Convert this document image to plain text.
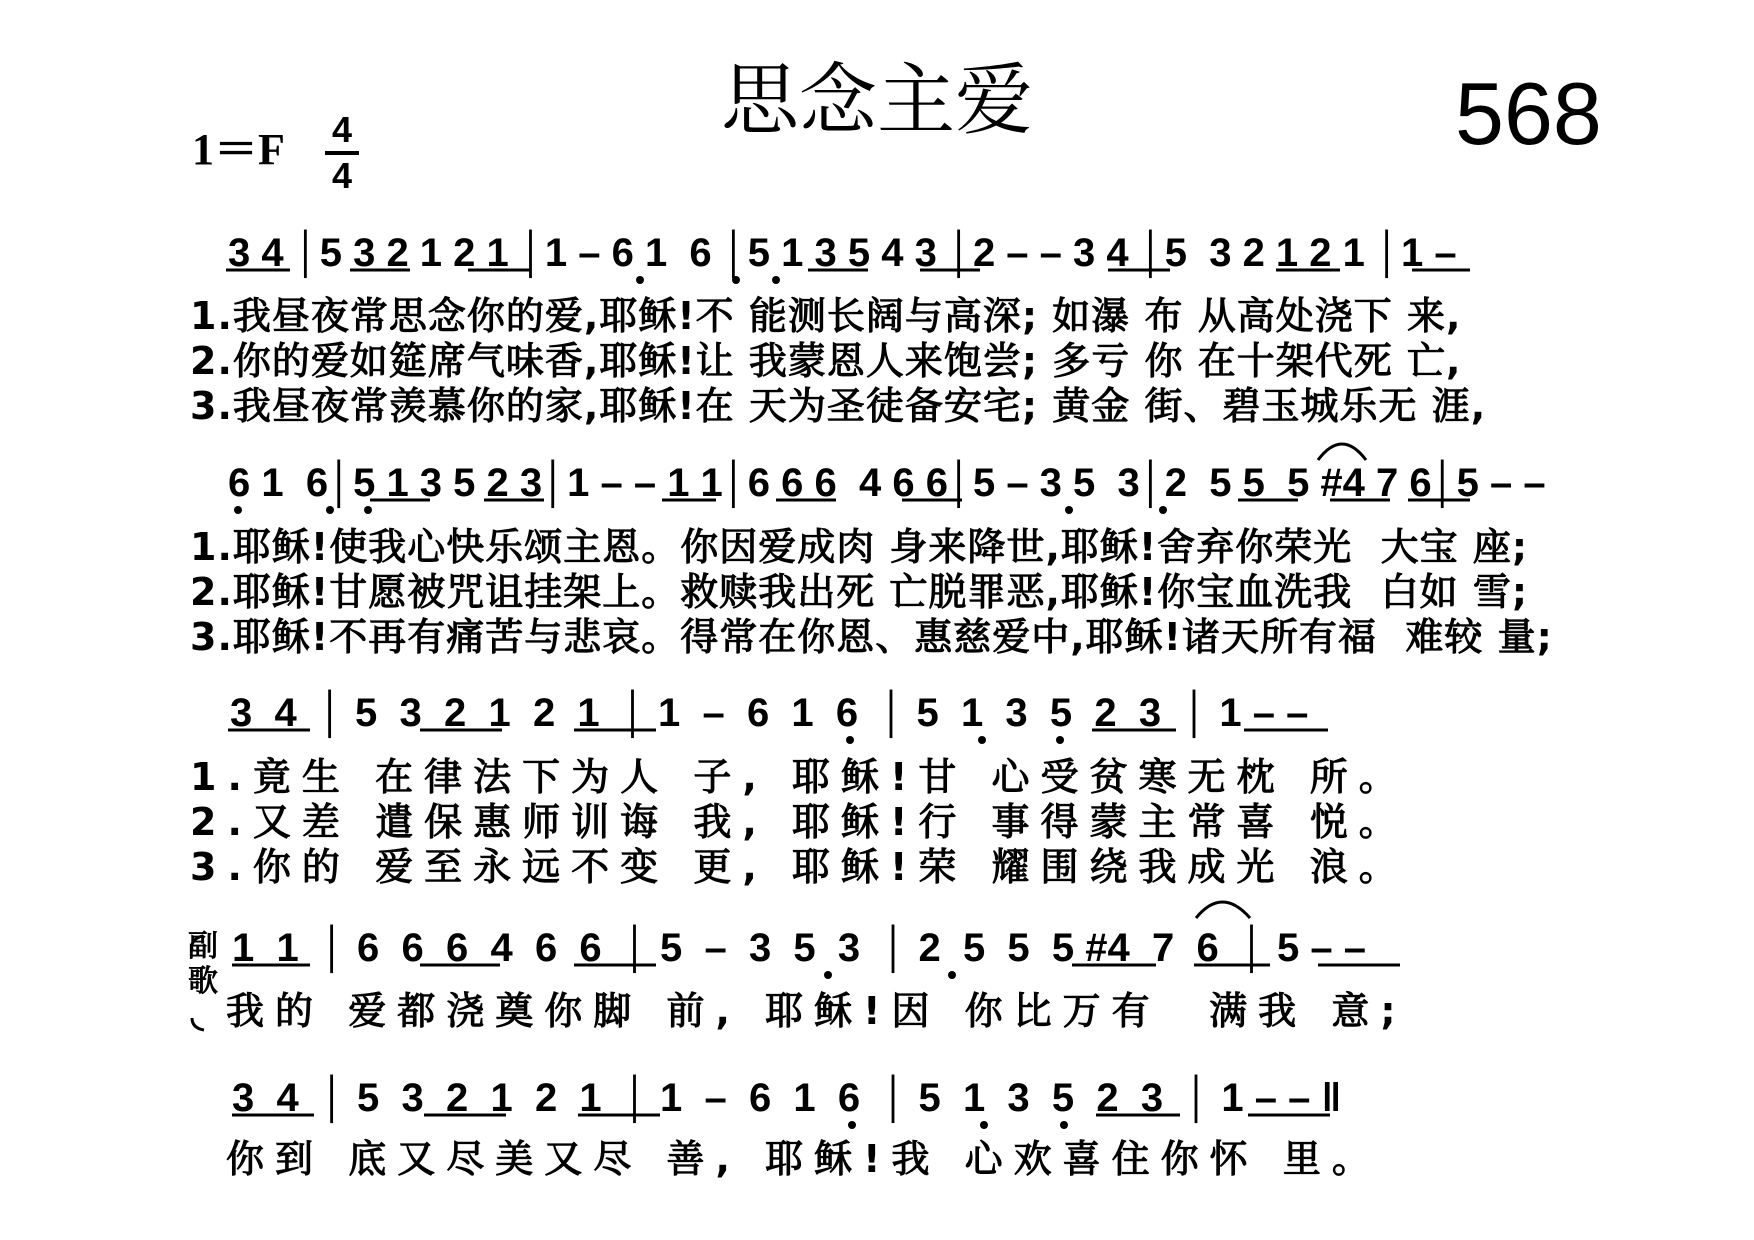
思念主爱	568
1＝F 4
4
3 4 │5 3 2 1 2 1 │1 – 6 1  6 │5 1 3 5 4 3 │2 – – 3 4 │5  3 2 1 2 1 │1 –
1.我昼夜常思念你的爱,耶稣!不 能测长阔与高深; 如瀑 布 从高处浇下 来,
2.你的爱如筵席气味香,耶稣!让 我蒙恩人来饱尝; 多亏 你 在十架代死 亡,
3.我昼夜常羡慕你的家,耶稣!在 天为圣徒备安宅; 黄金 街、碧玉城乐无 涯,
6 1  6│5 1 3 5 2 3│1 – – 1 1│6 6 6  4 6 6│5 – 3 5  3│2  5 5  5 #4 7 6│5 – –
1.耶稣!使我心快乐颂主恩。你因爱成肉 身来降世,耶稣!舍弃你荣光  大宝 座;
2.耶稣!甘愿被咒诅挂架上。救赎我出死 亡脱罪恶,耶稣!你宝血洗我  白如 雪;
3.耶稣!不再有痛苦与悲哀。得常在你恩、惠慈爱中,耶稣!诸天所有福  难较 量;
3  4  │ 5  3  2  1  2  1  │ 1  –  6  1  6  │ 5  1  3  5  2  3  │ 1 – –
1.竟生 在律法下为人 子, 耶稣!甘 心受贫寒无枕 所。
2.又差 遣保惠师训诲 我, 耶稣!行 事得蒙主常喜 悦。
3.你的 爱至永远不变 更, 耶稣!荣 耀围绕我成光 浪。
副歌
1  1  │ 6  6  6  4  6  6  │ 5  –  3  5  3  │ 2  5  5  5 #4  7  6  │ 5 – –
我的 爱都浇奠你脚 前, 耶稣!因 你比万有  满我 意;
3  4  │ 5  3  2  1  2  1  │ 1  –  6  1  6  │ 5  1  3  5  2  3  │ 1 – – ‖
你到 底又尽美又尽 善, 耶稣!我 心欢喜住你怀 里。
